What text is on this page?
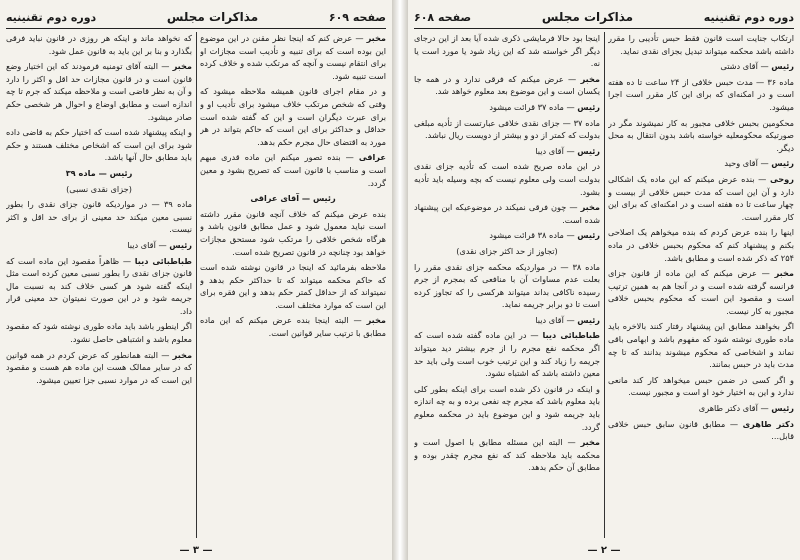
صفحه ۶۰۹
مذاکرات مجلس
دوره دوم تقنینیه

مخبر — عرض کنم که اینجا نظر مقنن در این موضوع این بوده است که برای تنبیه و تأدیب است مجازات او برای انتقام نیست و آنچه که مرتکب شده و خلاف کرده است تنبیه شود.

و در مقام اجرای قانون همیشه ملاحظه میشود که وقتی که شخص مرتکب خلاف میشود برای تأدیب او و برای عبرت دیگران است و این که گفته شده است حداقل و حداکثر برای این است که حاکم بتواند در هر مورد به اقتضای حال مجرم حکم بدهد.

عراقی — بنده تصور میکنم این ماده قدری مبهم است و مناسب با قانون است که تصریح بشود و معین گردد.

رئیس — آقای عراقی

بنده عرض میکنم که خلاف آنچه قانون مقرر داشته است نباید معمول شود و عمل مطابق قانون باشد و هرگاه شخص خلافی را مرتکب شود مستحق مجازات خواهد بود چنانچه در قانون تصریح شده است.

ملاحظه بفرمائید که اینجا در قانون نوشته شده است که حاکم محکمه میتواند که تا حداکثر حکم بدهد و نمیتواند که از حداقل کمتر حکم بدهد و این فقره برای این است که موارد مختلف است.

مخبر — البته اینجا بنده عرض میکنم که این ماده مطابق با ترتیب سایر قوانین است.

که نخواهد ماند و اینکه هر روزی در قانون نباید فرقی بگذارد و بنا بر این باید به قانون عمل شود.

مخبر — البته آقای تومنیه فرمودند که این اختیار وضع قانون است و در قانون مجازات حد اقل و اکثر را دارد و آن به نظر قاضی است و ملاحظه میکند که جرم تا چه اندازه است و مطابق اوضاع و احوال هر شخصی حکم صادر میشود.

و اینکه پیشنهاد شده است که اختیار حکم به قاضی داده شود برای این است که اشخاص مختلف هستند و حکم باید مطابق حال آنها باشد.

رئیس — ماده ۳۹

(جزای نقدی نسبی)

ماده ۳۹ — در مواردیکه قانون جزای نقدی را بطور نسبی معین میکند حد معینی از برای حد اقل و اکثر نیست.

رئیس — آقای دیبا

طباطبائی دیبا — ظاهراً مقصود این ماده است که قانون جزای نقدی را بطور نسبی معین کرده است مثل اینکه گفته شود هر کسی خلاف کند به نسبت مال جریمه شود و در این صورت نمیتوان حد معینی قرار داد.

اگر اینطور باشد باید ماده طوری نوشته شود که مقصود معلوم باشد و اشتباهی حاصل نشود.

مخبر — البته همانطور که عرض کردم در همه قوانین که در سایر ممالک هست این ماده هم هست و مقصود این است که در موارد نسبی جزا تعیین میشود.

— ۳ —
دوره دوم تقنینیه
مذاکرات مجلس
صفحه ۶۰۸

ارتکاب جنایت است قانون فقط حبس تأدیبی را مقرر داشته باشد محکمه میتواند تبدیل بجزای نقدی نماید.

رئیس — آقای دشتی

ماده ۳۶ — مدت حبس خلافی از ۲۴ ساعت تا ده هفته است و در امکنه‌ای که برای این کار مقرر است اجرا میشود.

محکومین بحبس خلافی مجبور به کار نمیشوند مگر در صورتیکه محکومعلیه خواسته باشد بدون انتقال به محل دیگر.

رئیس — آقای وحید

روحی — بنده عرض میکنم که این ماده یک اشکالی دارد و آن این است که مدت حبس خلافی از بیست و چهار ساعت تا ده هفته است و در امکنه‌ای که برای این کار مقرر است.

اینها را بنده عرض کردم که بنده میخواهم یک اصلاحی بکنم و پیشنهاد کنم که محکوم بحبس خلافی در ماده ۲۵۴ که ذکر شده است و مطابق باشد.

مخبر — عرض میکنم که این ماده از قانون جزای فرانسه گرفته شده است و در آنجا هم به همین ترتیب است و مقصود این است که محکوم بحبس خلافی مجبور به کار نیست.

اگر بخواهند مطابق این پیشنهاد رفتار کنند بالاخره باید ماده طوری نوشته شود که مفهوم باشد و ابهامی باقی نماند و اشخاصی که محکوم میشوند بدانند که تا چه مدت باید در حبس بمانند.

و اگر کسی در ضمن حبس میخواهد کار کند مانعی ندارد و این به اختیار خود او است و مجبور نیست.

رئیس — آقای دکتر طاهری

دکتر طاهری — مطابق قانون سابق حبس خلافی قابل...

اینجا بود حالا فرمایشی ذکری شده آیا بعد از این درجای دیگر اگر خواسته شد که این زیاد شود یا مورد است یا نه.

مخبر — عرض میکنم که فرقی ندارد و در همه جا یکسان است و این موضوع بعد معلوم خواهد شد.

رئیس — ماده ۳۷ قرائت میشود

ماده ۳۷ — جزای نقدی خلافی عبارتست از تأدیه مبلغی بدولت که کمتر از دو و بیشتر از دویست ریال نباشد.

رئیس — آقای دیبا

در این ماده صریح شده است که تأدیه جزای نقدی بدولت است ولی معلوم نیست که بچه وسیله باید تأدیه بشود.

مخبر — چون فرقی نمیکند در موضوعیکه این پیشنهاد شده است.

رئیس — ماده ۳۸ قرائت میشود

(تجاوز از حد اکثر جزای نقدی)

ماده ۳۸ — در مواردیکه محکمه جزای نقدی مقرر را بعلت عدم مساوات آن با منافعی که بمجرم از جرم رسیده ناکافی بداند میتواند هرکسی را که تجاوز کرده است تا دو برابر جریمه نماید.

رئیس — آقای دیبا

طباطبائی دیبا — در این ماده گفته شده است که اگر محکمه نفع مجرم را از جرم بیشتر دید میتواند جریمه را زیاد کند و این ترتیب خوب است ولی باید حد معین داشته باشد که اشتباه نشود.

و اینکه در قانون ذکر شده است برای اینکه بطور کلی باید معلوم باشد که مجرم چه نفعی برده و به چه اندازه باید جریمه شود و این موضوع باید در محکمه معلوم گردد.

مخبر — البته این مسئله مطابق با اصول است و محکمه باید ملاحظه کند که نفع مجرم چقدر بوده و مطابق آن حکم بدهد.

— ۲ —
